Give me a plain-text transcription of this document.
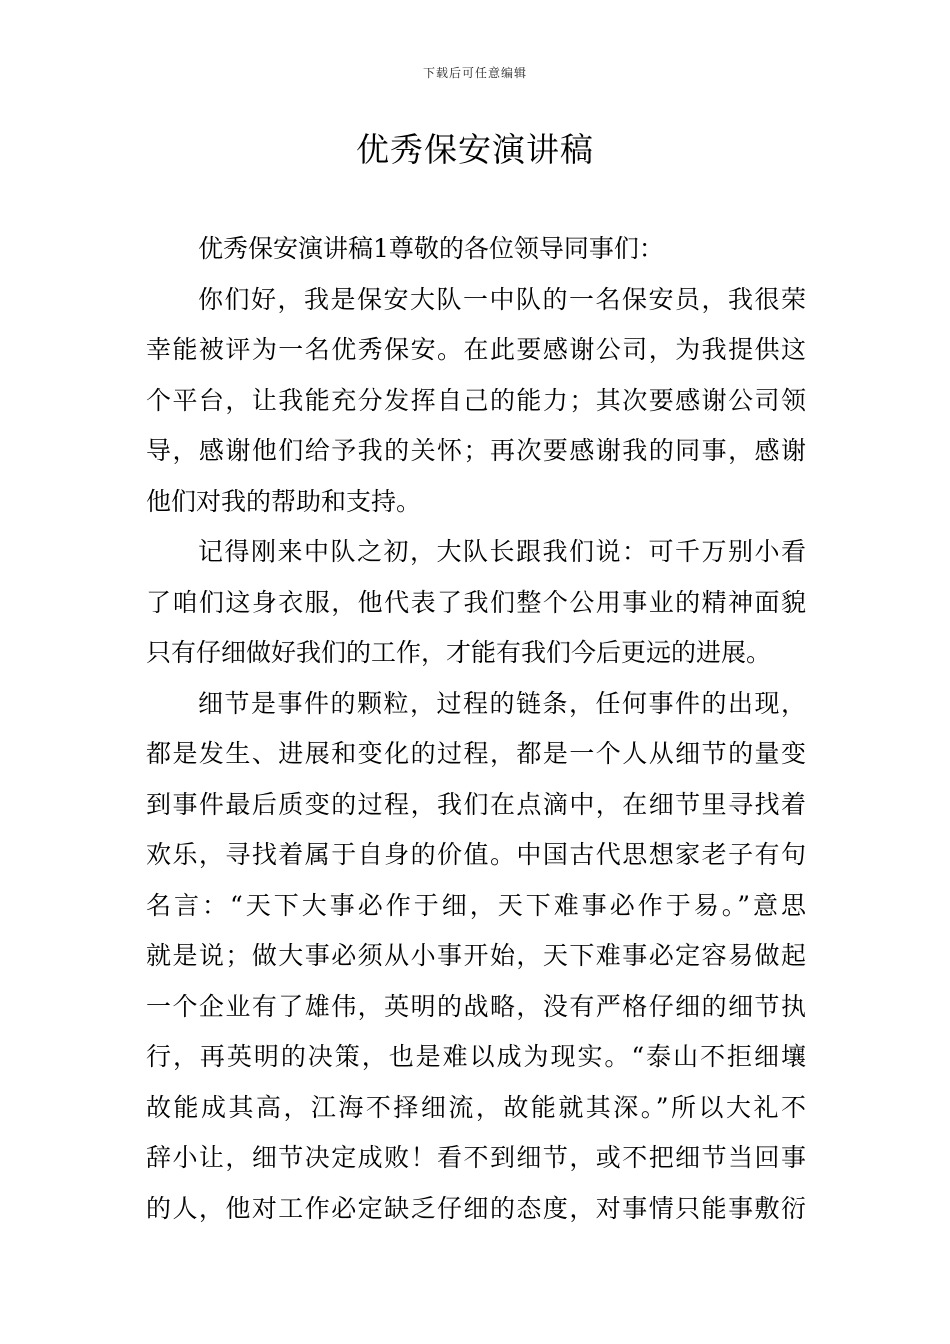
下载后可任意编辑
优秀保安演讲稿
优秀保安演讲稿1尊敬的各位领导同事们：
你们好，我是保安大队一中队的一名保安员，我很荣
幸能被评为一名优秀保安。在此要感谢公司，为我提供这
个平台，让我能充分发挥自己的能力；其次要感谢公司领
导，感谢他们给予我的关怀；再次要感谢我的同事，感谢
他们对我的帮助和支持。
记得刚来中队之初，大队长跟我们说：可千万别小看
了咱们这身衣服，他代表了我们整个公用事业的精神面貌
只有仔细做好我们的工作，才能有我们今后更远的进展。
细节是事件的颗粒，过程的链条，任何事件的出现，
都是发生、进展和变化的过程，都是一个人从细节的量变
到事件最后质变的过程，我们在点滴中，在细节里寻找着
欢乐，寻找着属于自身的价值。中国古代思想家老子有句
名言：“天下大事必作于细，天下难事必作于易。”意思
就是说；做大事必须从小事开始，天下难事必定容易做起
一个企业有了雄伟，英明的战略，没有严格仔细的细节执
行，再英明的决策，也是难以成为现实。“泰山不拒细壤
故能成其高，江海不择细流，故能就其深。”所以大礼不
辞小让，细节决定成败！看不到细节，或不把细节当回事
的人，他对工作必定缺乏仔细的态度，对事情只能事敷衍
